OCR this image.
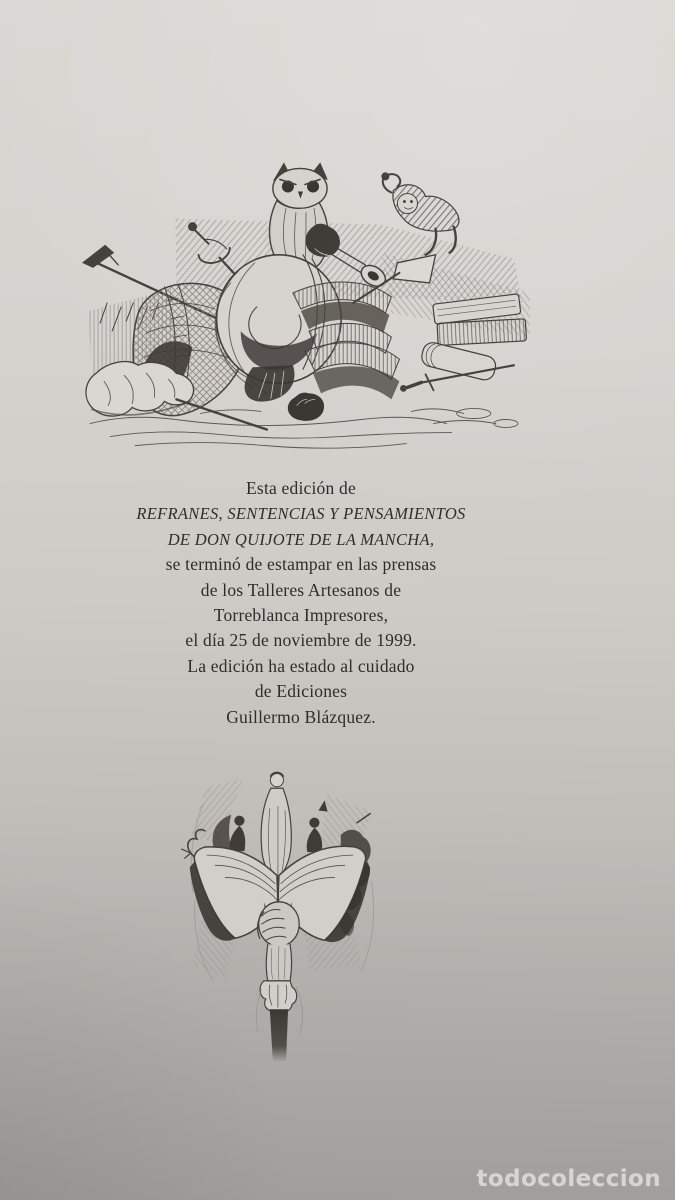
Esta edición de
REFRANES, SENTENCIAS Y PENSAMIENTOS
DE DON QUIJOTE DE LA MANCHA,
se terminó de estampar en las prensas
de los Talleres Artesanos de
Torreblanca Impresores,
el día 25 de noviembre de 1999.
La edición ha estado al cuidado
de Ediciones
Guillermo Blázquez.
todocoleccion
